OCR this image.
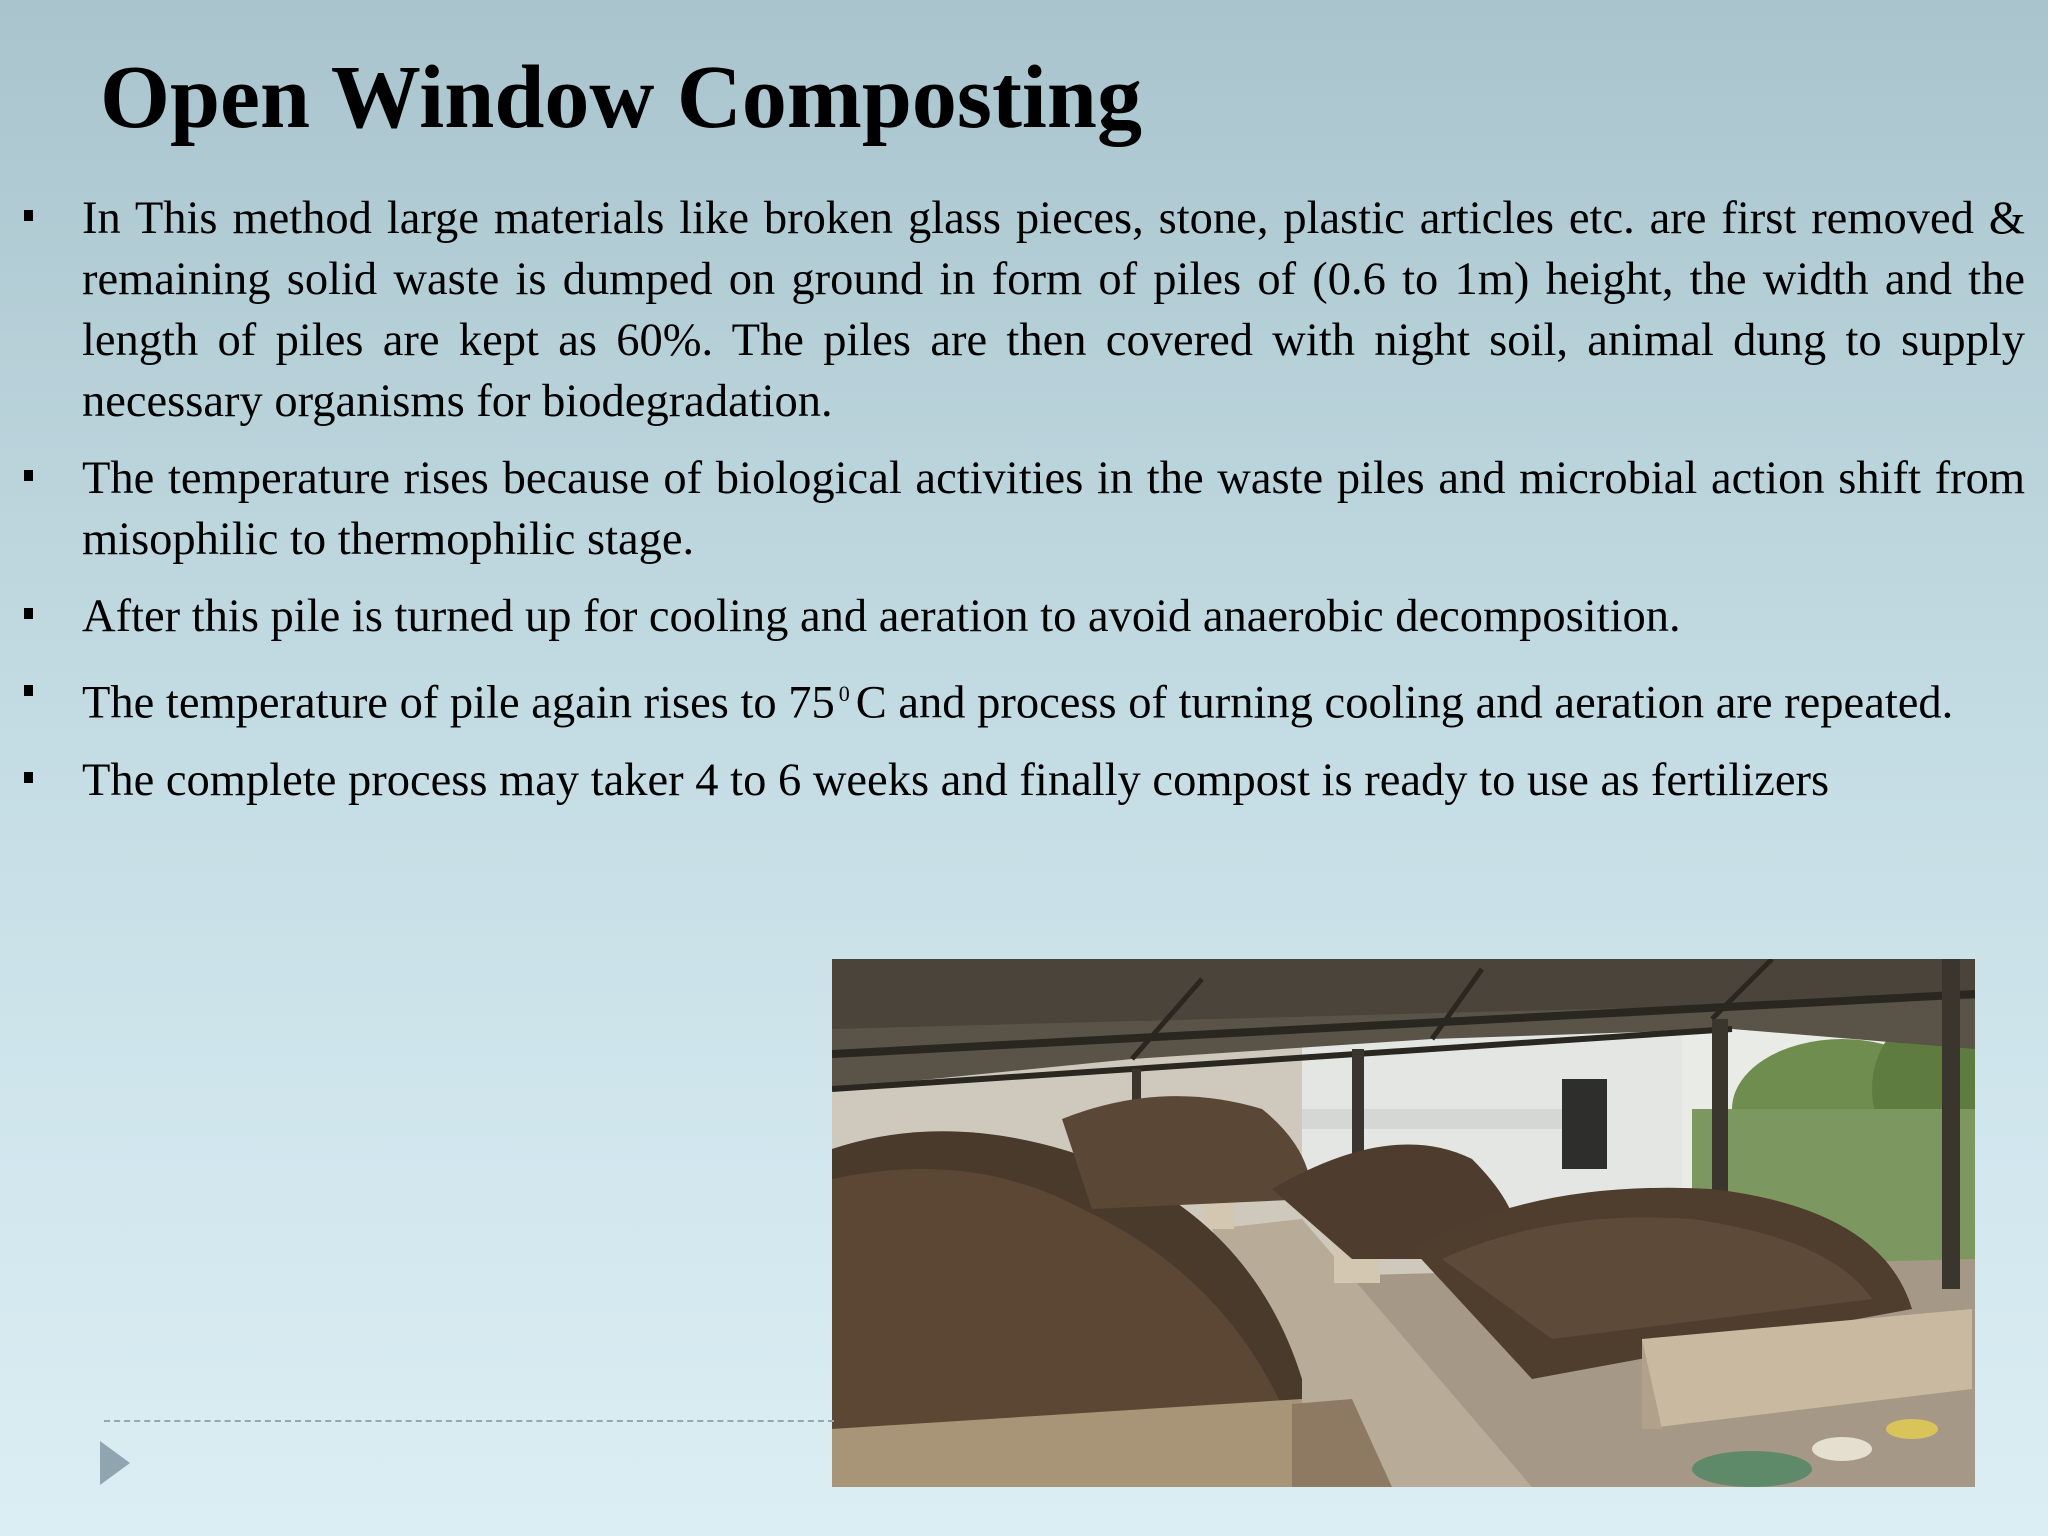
Open Window Composting
In This method large materials like broken glass pieces, stone, plastic articles etc. are first removed & remaining solid waste is dumped on ground in form of piles of (0.6 to 1m) height, the width and the length of piles are kept as 60%. The piles are then covered with night soil, animal dung to supply necessary organisms for biodegradation.
The temperature rises because of biological activities in the waste piles and microbial action shift from misophilic to thermophilic stage.
After this pile is turned up for cooling and aeration to avoid anaerobic decomposition.
The temperature of pile again rises to 75 $^0$ C and process of turning cooling and aeration are repeated.
The complete process may taker 4 to 6 weeks and finally compost is ready to use as fertilizers
